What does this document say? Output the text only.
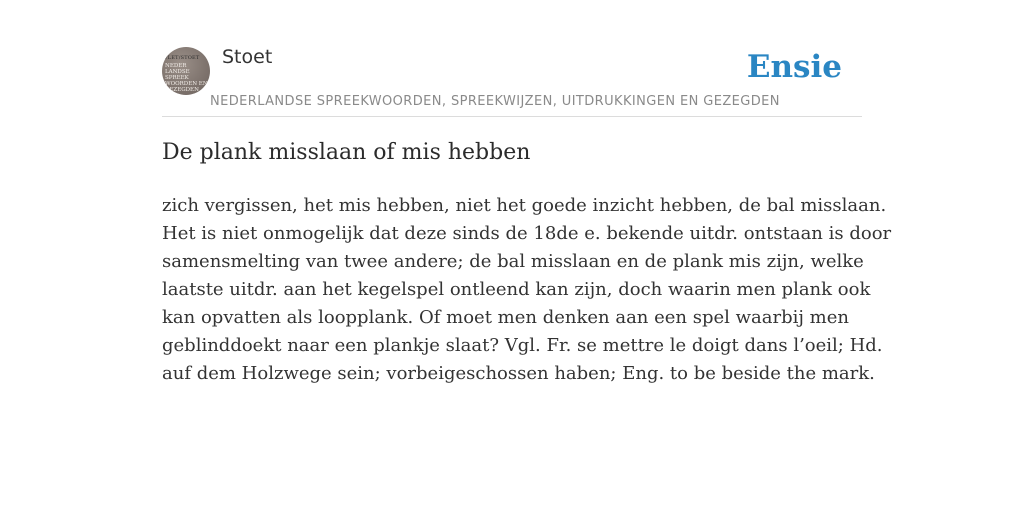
VLET/STOET
NEDER
LANDSE
SPREEK
WOORDEN EN
GEZEGDEN
Stoet	Ensie
NEDERLANDSE SPREEKWOORDEN, SPREEKWIJZEN, UITDRUKKINGEN EN GEZEGDEN
De plank misslaan of mis hebben
zich vergissen, het mis hebben, niet het goede inzicht hebben, de bal misslaan.
Het is niet onmogelijk dat deze sinds de 18de e. bekende uitdr. ontstaan is door
samensmelting van twee andere; de bal misslaan en de plank mis zijn, welke
laatste uitdr. aan het kegelspel ontleend kan zijn, doch waarin men plank ook
kan opvatten als loopplank. Of moet men denken aan een spel waarbij men
geblinddoekt naar een plankje slaat? Vgl. Fr. se mettre le doigt dans l’oeil; Hd.
auf dem Holzwege sein; vorbeigeschossen haben; Eng. to be beside the mark.
